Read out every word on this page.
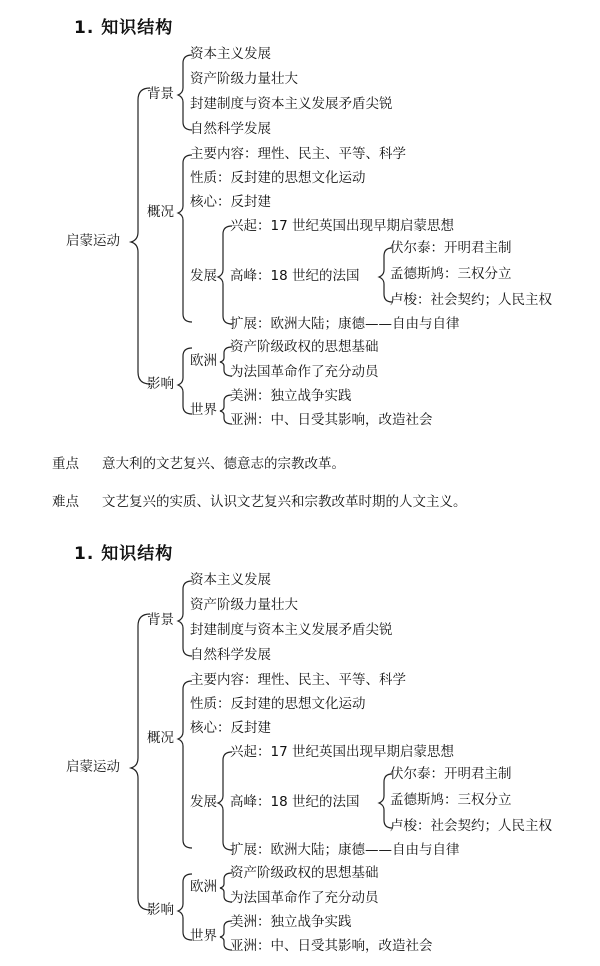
1. 知识结构
启蒙运动
背景
资本主义发展
资产阶级力量壮大
封建制度与资本主义发展矛盾尖锐
自然科学发展
概况
主要内容：理性、民主、平等、科学
性质：反封建的思想文化运动
核心：反封建
发展
兴起：17 世纪英国出现早期启蒙思想
高峰：18 世纪的法国
伏尔泰：开明君主制
孟德斯鸠：三权分立
卢梭：社会契约；人民主权
扩展：欧洲大陆；康德——自由与自律
影响
欧洲
资产阶级政权的思想基础
为法国革命作了充分动员
世界
美洲：独立战争实践
亚洲：中、日受其影响，改造社会
重点 意大利的文艺复兴、德意志的宗教改革。
难点 文艺复兴的实质、认识文艺复兴和宗教改革时期的人文主义。
1. 知识结构
启蒙运动
背景
资本主义发展
资产阶级力量壮大
封建制度与资本主义发展矛盾尖锐
自然科学发展
概况
主要内容：理性、民主、平等、科学
性质：反封建的思想文化运动
核心：反封建
发展
兴起：17 世纪英国出现早期启蒙思想
高峰：18 世纪的法国
伏尔泰：开明君主制
孟德斯鸠：三权分立
卢梭：社会契约；人民主权
扩展：欧洲大陆；康德——自由与自律
影响
欧洲
资产阶级政权的思想基础
为法国革命作了充分动员
世界
美洲：独立战争实践
亚洲：中、日受其影响，改造社会
